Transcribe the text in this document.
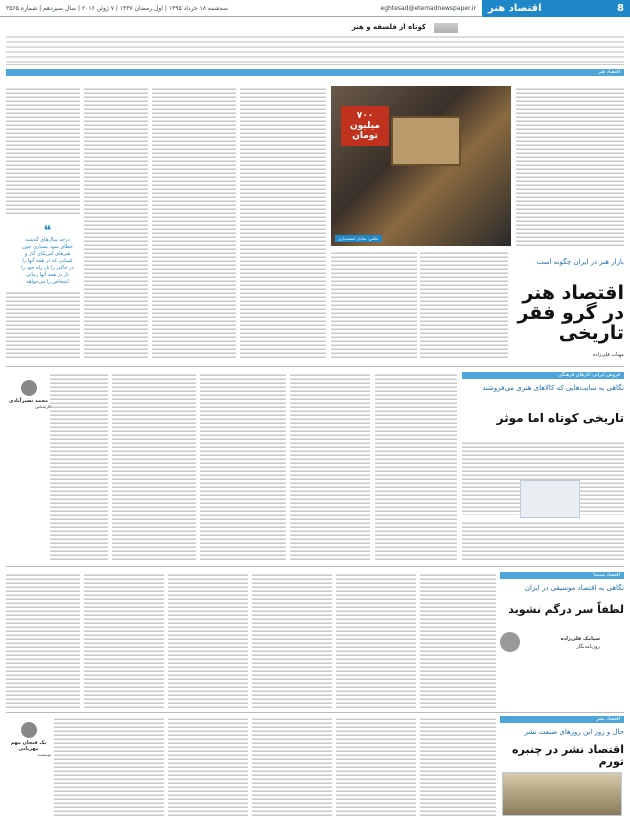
سه‌شنبه ۱۸ خرداد ۱۳۹۵ | اول رمضان ۱۴۳۷ | ۷ ژوئن ۲۰۱۶ | سال سیزدهم | شماره ۳۵۶۵	eghtesad@etemadnewspaper.ir اقتصاد هنر	8
کوتاه از فلسفه و هنر
اقتصاد هنر
۷۰۰ میلیون تومان
عکس: شایان اسفندیاری
بازار هنر در ایران چگونه است
اقتصاد هنر در گرو فقر تاریخی
مهتاب قلی‌زاده
❝
درجه سال‌های گذشته خطای سود بسیاری چون هنرهای آمریکای آثار و کسانی که در همه آنها را در خاکی را باز راه خود را باز در همه آنها زمانی اشخاص را می‌خواهد
فروش ایرانی آثار‌های فرهنگی
نگاهی به سایت‌هایی که کالاهای هنری می‌فروشند
تاریخی کوتاه اما موثر
محمد نصیرآبادی
کارشناس
اقتصاد سینما
نگاهی به اقتصاد موسیقی در ایران
لطفاً سر درگم نشوید
سیامک قلی‌زاده
روزنامه‌نگار
اقتصاد نشر
حال و روز این روزهای صنعت نشر
اقتصاد نشر در چنبره تورم
یک فنجان مهم مهربانی
نویسنده
